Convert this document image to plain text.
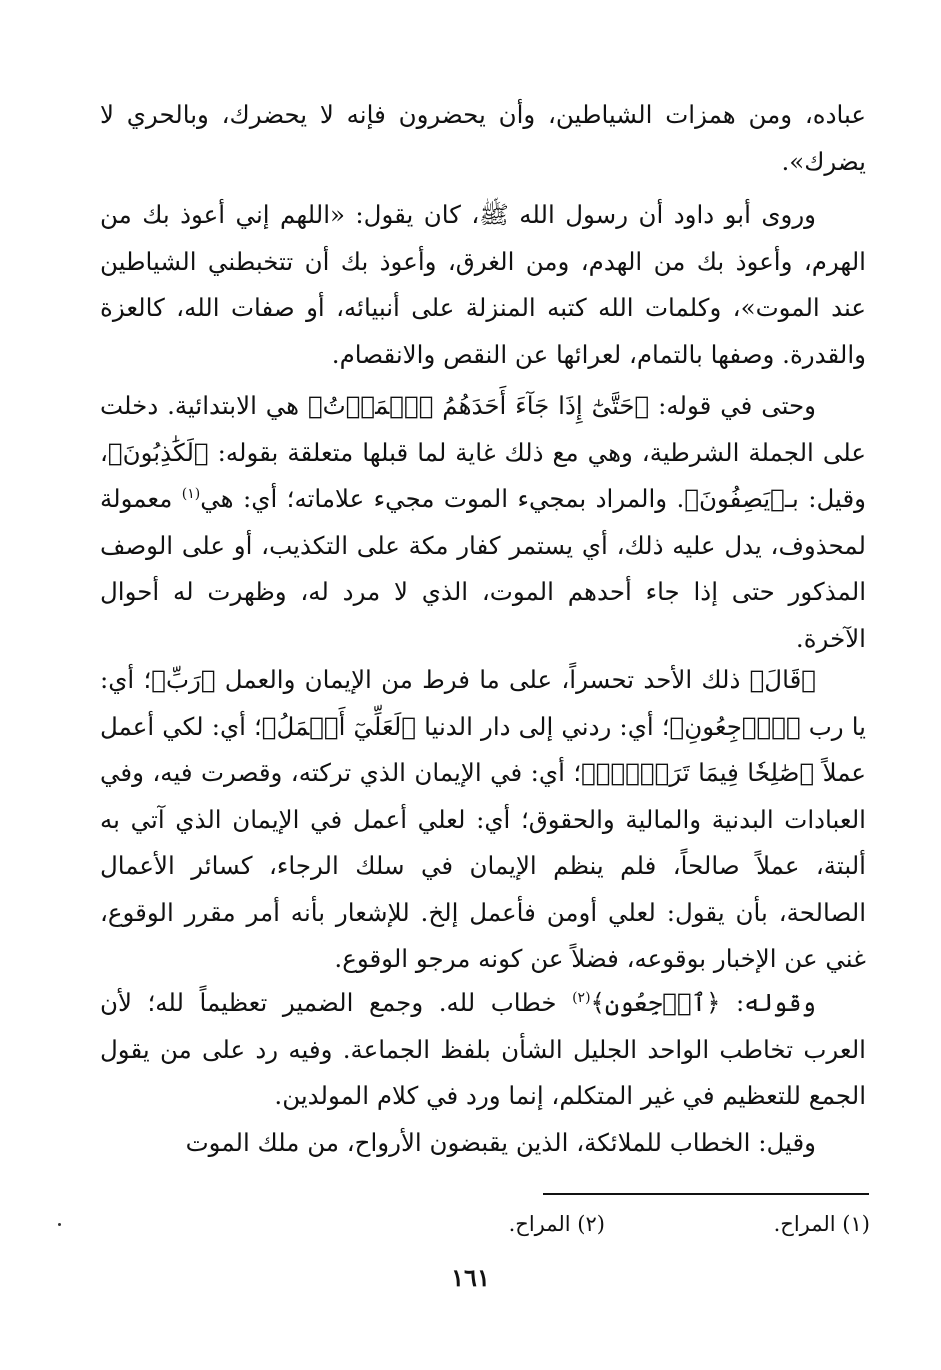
عباده، ومن همزات الشياطين، وأن يحضرون فإنه لا يحضرك، وبالحري لا يضرك».

وروى أبو داود أن رسول الله ﷺ، كان يقول: «اللهم إني أعوذ بك من الهرم، وأعوذ بك من الهدم، ومن الغرق، وأعوذ بك أن تتخبطني الشياطين عند الموت»، وكلمات الله كتبه المنزلة على أنبيائه، أو صفات الله، كالعزة والقدرة. وصفها بالتمام، لعرائها عن النقص والانقصام.

وحتى في قوله: ﴿حَتَّىٰٓ إِذَا جَآءَ أَحَدَهُمُ ٱلۡمَوۡتُ﴾ هي الابتدائية. دخلت على الجملة الشرطية، وهي مع ذلك غاية لما قبلها متعلقة بقوله: ﴿لَكَٰذِبُونَ﴾، وقيل: بـ﴿يَصِفُونَ﴾. والمراد بمجيء الموت مجيء علاماته؛ أي: هي$^{(١)}$ معمولة لمحذوف، يدل عليه ذلك، أي يستمر كفار مكة على التكذيب، أو على الوصف المذكور حتى إذا جاء أحدهم الموت، الذي لا مرد له، وظهرت له أحوال الآخرة.

﴿قَالَ﴾ ذلك الأحد تحسراً، على ما فرط من الإيمان والعمل ﴿رَبِّ﴾؛ أي: يا رب ﴿ٱرۡجِعُونِ﴾؛ أي: ردني إلى دار الدنيا ﴿لَعَلِّيٓ أَعۡمَلُ﴾؛ أي: لكي أعمل عملاً ﴿صَٰلِحٗا فِيمَا تَرَكۡتُۚ﴾؛ أي: في الإيمان الذي تركته، وقصرت فيه، وفي العبادات البدنية والمالية والحقوق؛ أي: لعلي أعمل في الإيمان الذي آتي به ألبتة، عملاً صالحاً، فلم ينظم الإيمان في سلك الرجاء، كسائر الأعمال الصالحة، بأن يقول: لعلي أومن فأعمل إلخ. للإشعار بأنه أمر مقرر الوقوع، غني عن الإخبار بوقوعه، فضلاً عن كونه مرجو الوقوع.

وقوله: ﴿ٱرۡجِعُونِ﴾$^{(٢)}$ خطاب لله. وجمع الضمير تعظيماً لله؛ لأن العرب تخاطب الواحد الجليل الشأن بلفظ الجماعة. وفيه رد على من يقول الجمع للتعظيم في غير المتكلم، إنما ورد في كلام المولدين.

وقيل: الخطاب للملائكة، الذين يقبضون الأرواح، من ملك الموت

(١) المراح.
(٢) المراح.
١٦١
